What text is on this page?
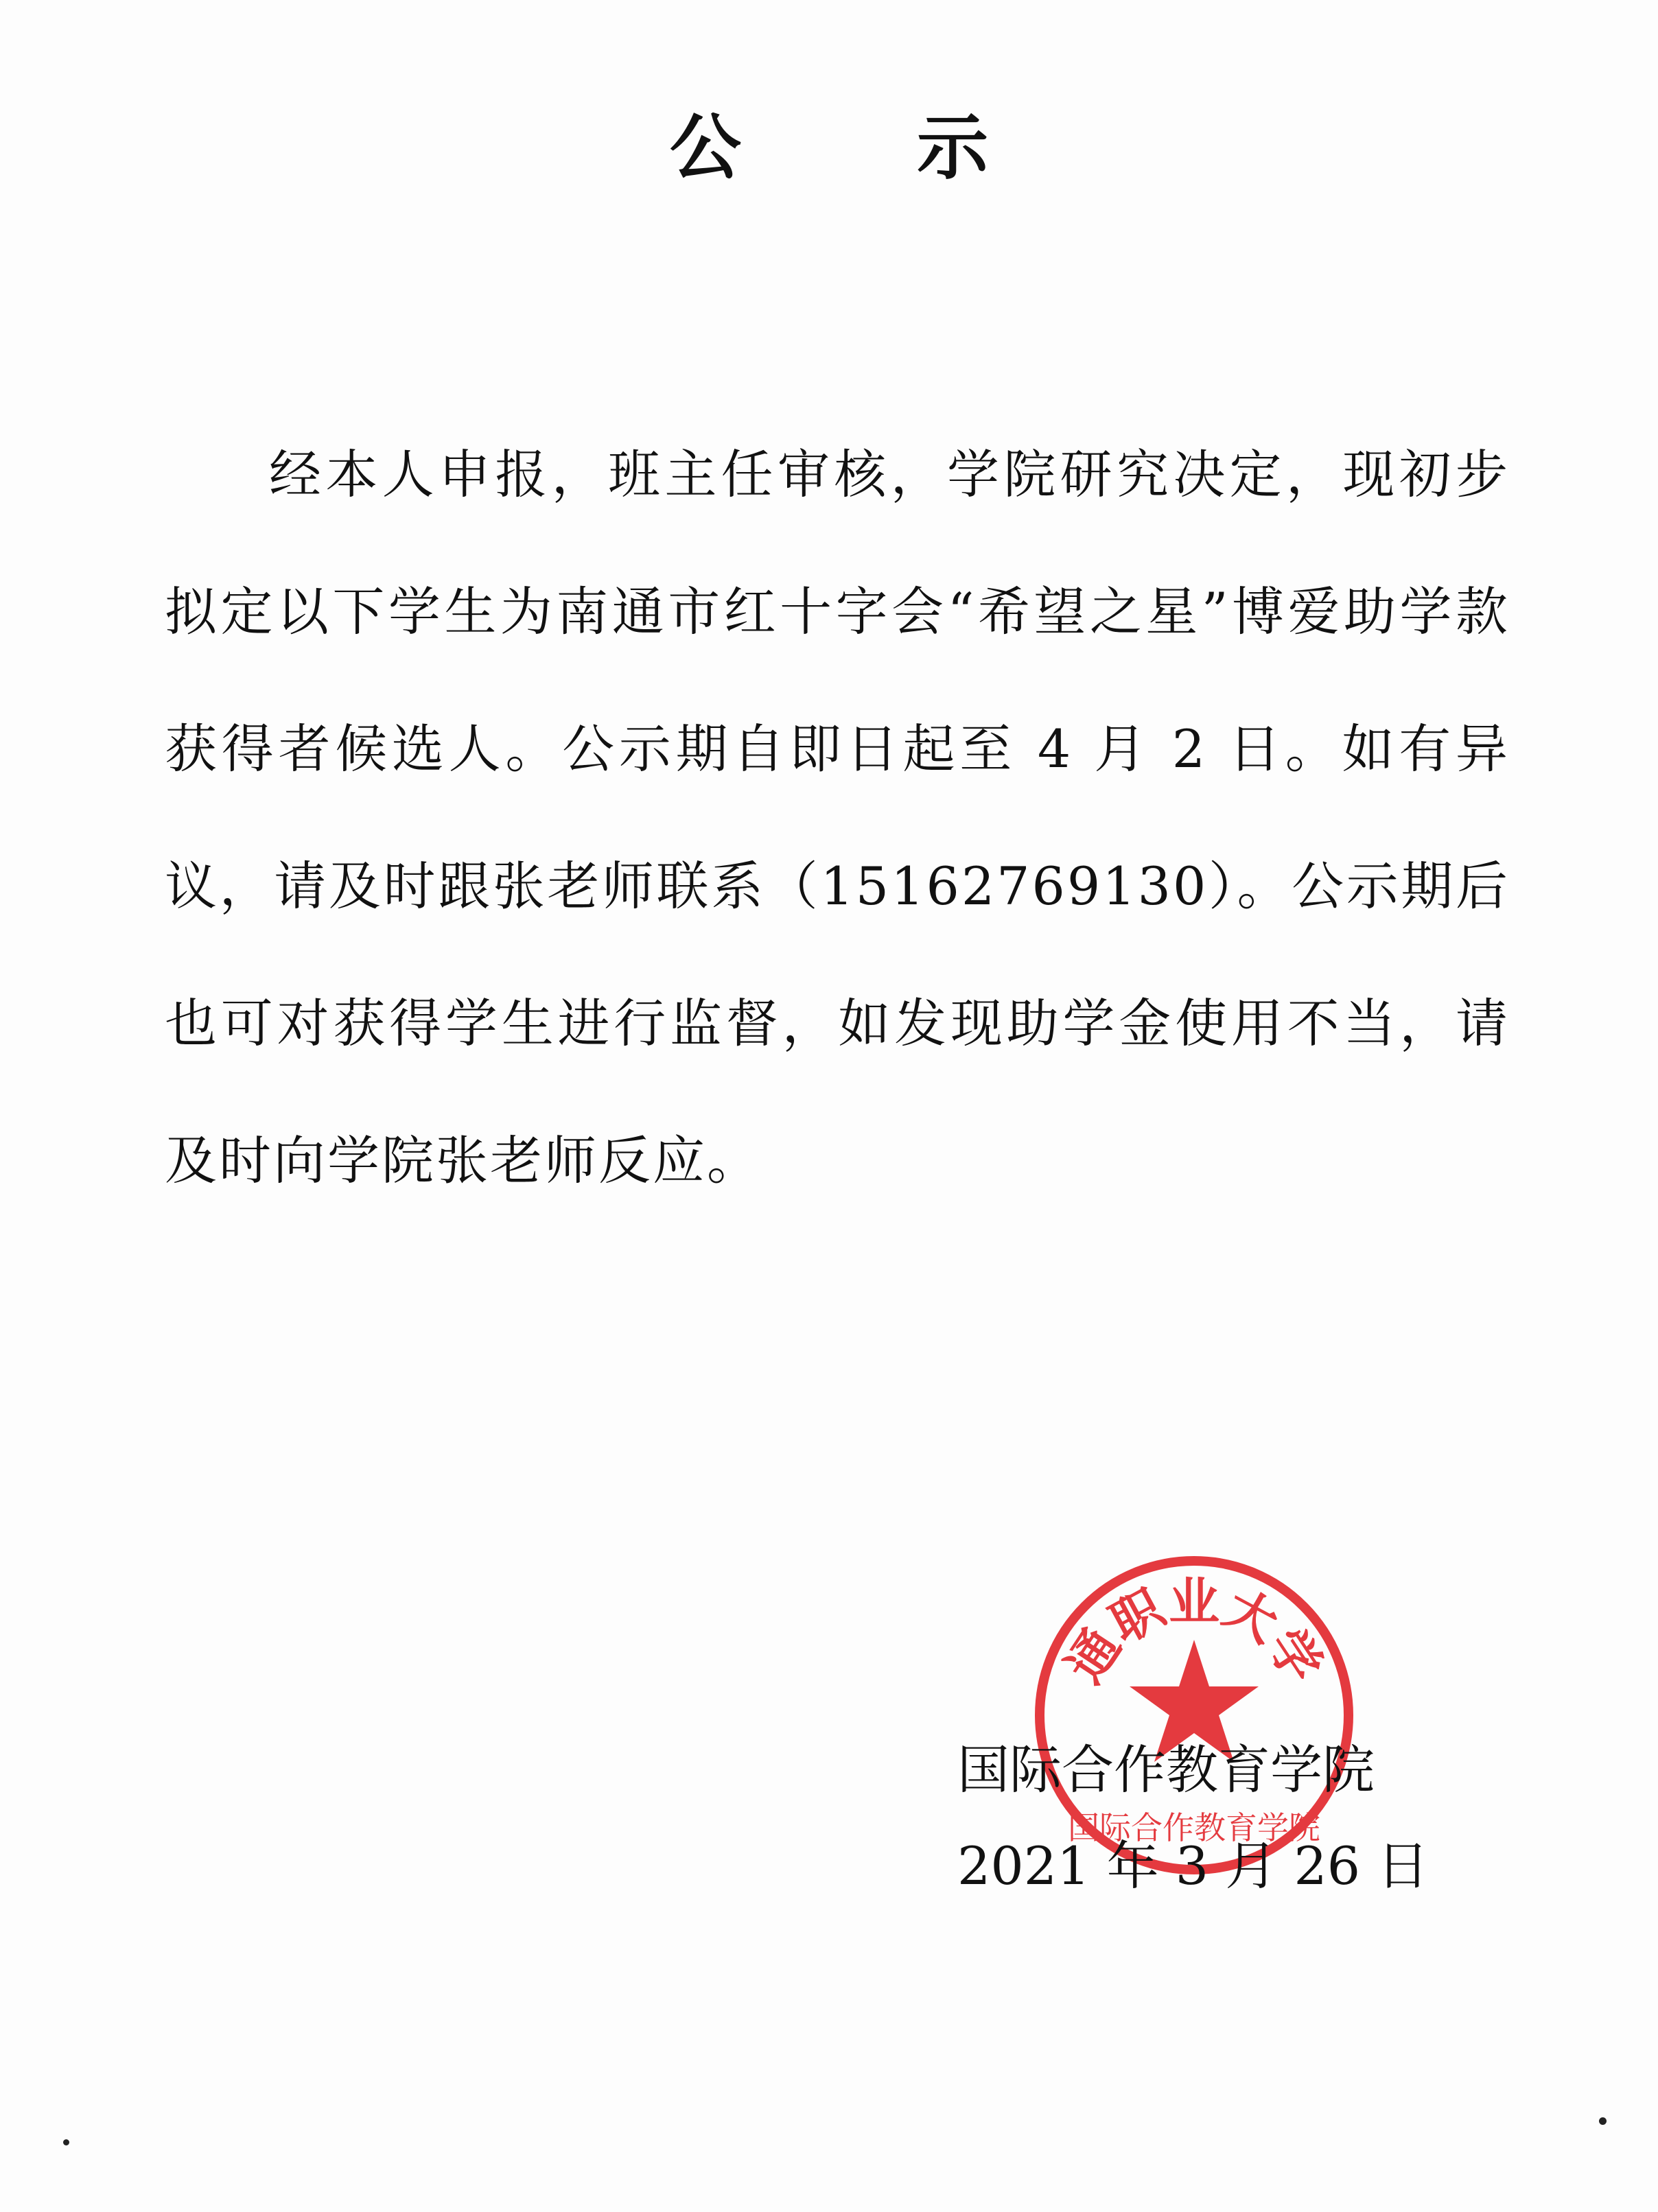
公 示

经本人申报，班主任审核，学院研究决定，现初步拟定以下学生为南通市红十字会“希望之星”博爱助学款获得者候选人。公示期自即日起至 4 月 2 日。如有异议，请及时跟张老师联系（15162769130）。公示期后也可对获得学生进行监督，如发现助学金使用不当，请及时向学院张老师反应。

通职业大学
国际合作教育学院
国际合作教育学院
2021 年 3 月 26 日
